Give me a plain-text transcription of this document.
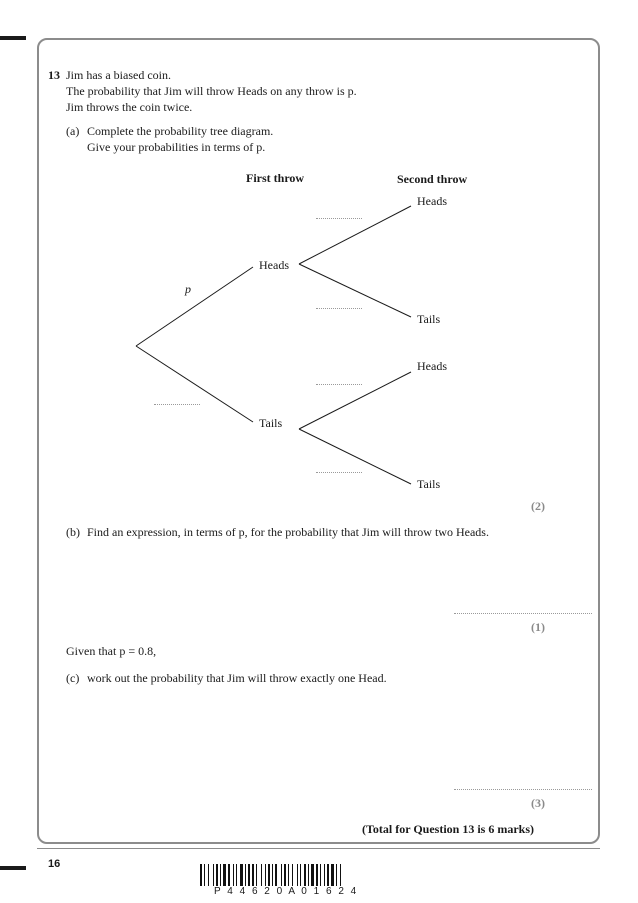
13 Jim has a biased coin.
The probability that Jim will throw Heads on any throw is p.
Jim throws the coin twice.
(a) Complete the probability tree diagram.
Give your probabilities in terms of p.
First throw	Second throw
Heads
Tails
Heads
Tails
Heads
Tails
p
(2)
(b) Find an expression, in terms of p, for the probability that Jim will throw two Heads.
(1)
Given that p = 0.8,
(c) work out the probability that Jim will throw exactly one Head.
(3)
(Total for Question 13 is 6 marks)
16
P 4 4 6 2 0 A 0 1 6 2 4
